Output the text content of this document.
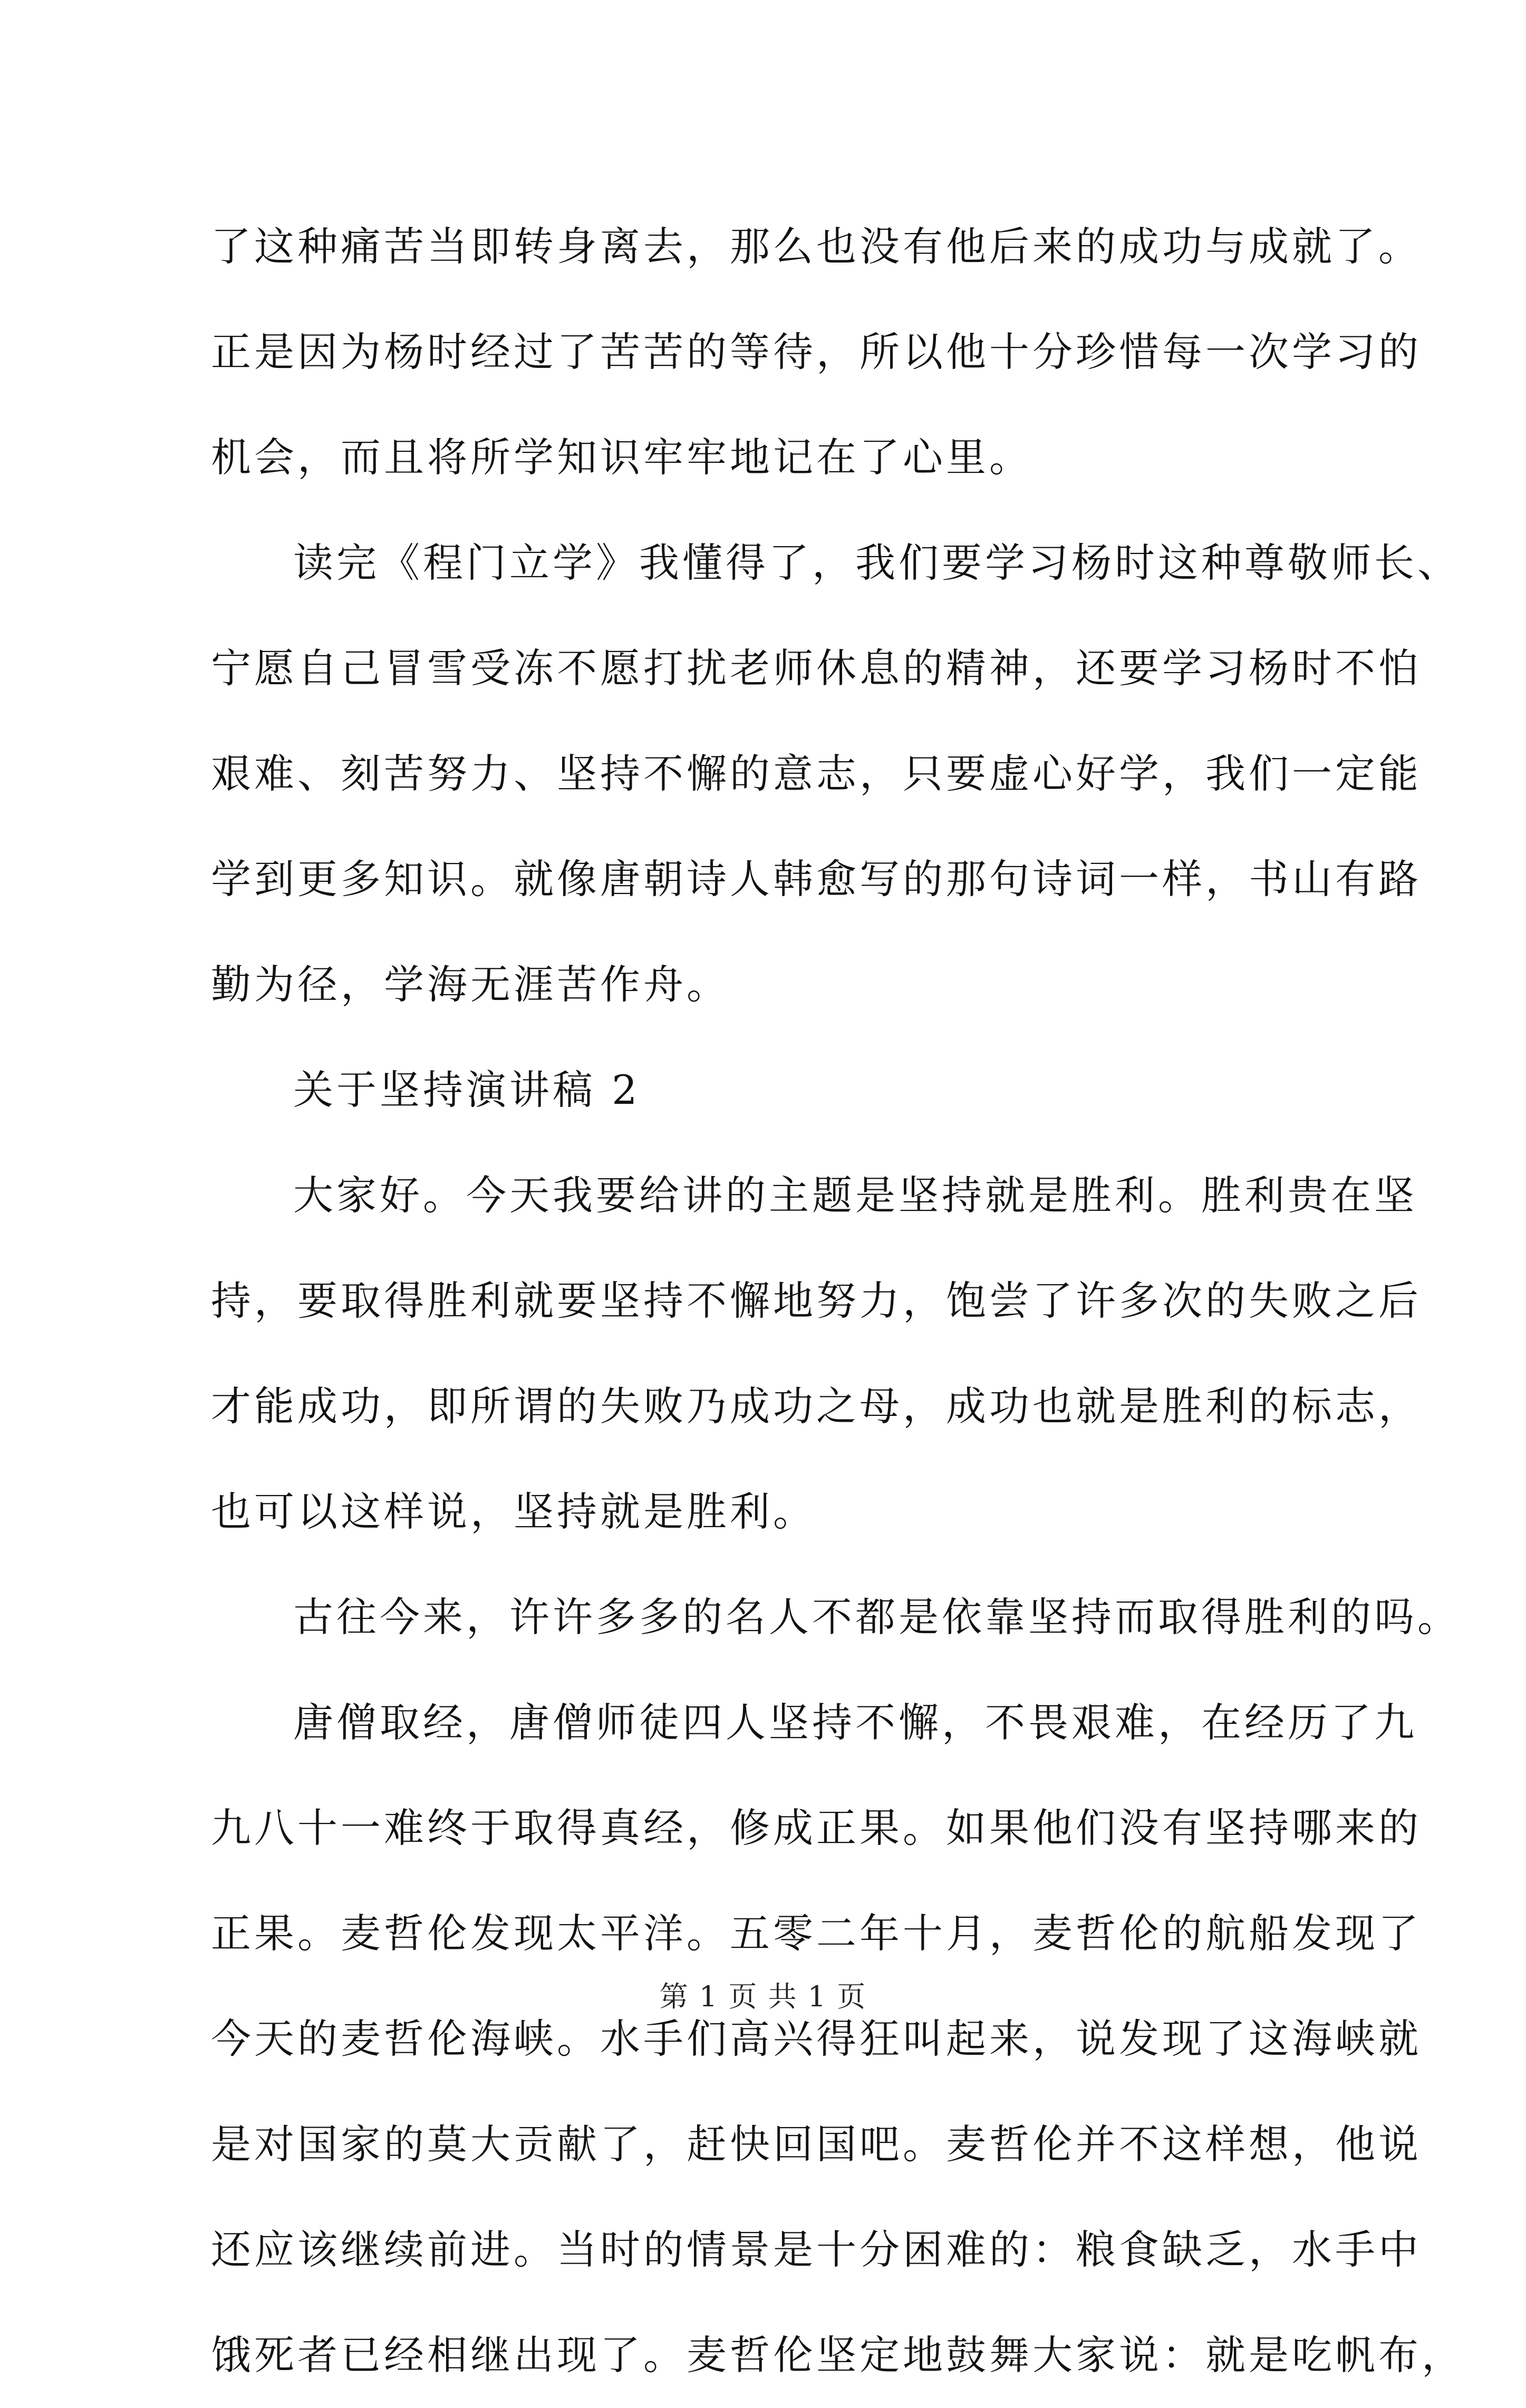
了这种痛苦当即转身离去，那么也没有他后来的成功与成就了。
正是因为杨时经过了苦苦的等待，所以他十分珍惜每一次学习的
机会，而且将所学知识牢牢地记在了心里。
读完《程门立学》我懂得了，我们要学习杨时这种尊敬师长、
宁愿自己冒雪受冻不愿打扰老师休息的精神，还要学习杨时不怕
艰难、刻苦努力、坚持不懈的意志，只要虚心好学，我们一定能
学到更多知识。就像唐朝诗人韩愈写的那句诗词一样，书山有路
勤为径，学海无涯苦作舟。
关于坚持演讲稿 2
大家好。今天我要给讲的主题是坚持就是胜利。胜利贵在坚
持，要取得胜利就要坚持不懈地努力，饱尝了许多次的失败之后
才能成功，即所谓的失败乃成功之母，成功也就是胜利的标志，
也可以这样说，坚持就是胜利。
古往今来，许许多多的名人不都是依靠坚持而取得胜利的吗。
唐僧取经，唐僧师徒四人坚持不懈，不畏艰难，在经历了九
九八十一难终于取得真经，修成正果。如果他们没有坚持哪来的
正果。麦哲伦发现太平洋。五零二年十月，麦哲伦的航船发现了
今天的麦哲伦海峡。水手们高兴得狂叫起来，说发现了这海峡就
是对国家的莫大贡献了，赶快回国吧。麦哲伦并不这样想，他说
还应该继续前进。当时的情景是十分困难的：粮食缺乏，水手中
饿死者已经相继出现了。麦哲伦坚定地鼓舞大家说：就是吃帆布，
第 1 页 共 1 页
